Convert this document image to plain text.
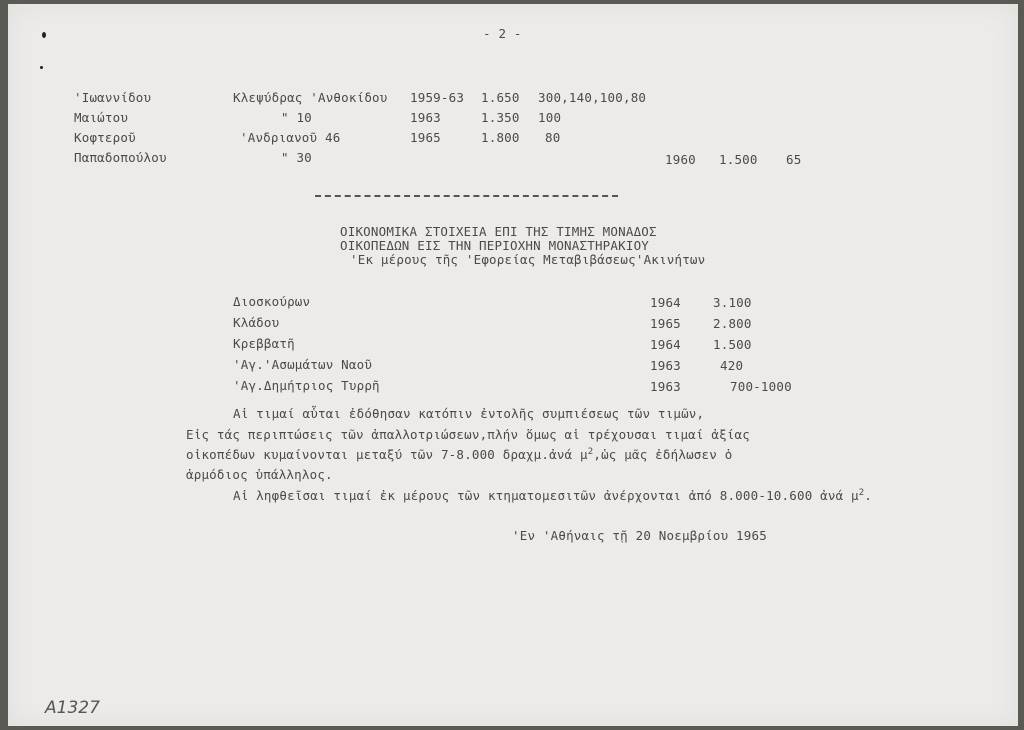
- 2 -
'Ιωαννίδου	Κλεψύδρας 'Ανθοκίδου 1959-63 1.650 300,140,100,80
Μαιώτου	" 10	1963	1.350 100
Κοφτεροῦ	'Ανδριανοῦ 46	1965	1.800 80
Παπαδοπούλου	" 30	1960 1.500 65
ΟΙΚΟΝΟΜΙΚΑ ΣΤΟΙΧΕΙΑ ΕΠΙ ΤΗΣ ΤΙΜΗΣ ΜΟΝΑΔΟΣ
ΟΙΚΟΠΕΔΩΝ ΕΙΣ ΤΗΝ ΠΕΡΙΟΧΗΝ ΜΟΝΑΣΤΗΡΑΚΙΟΥ
'Εκ μέρους τῆς 'Εφορείας Μεταβιβάσεως'Ακινήτων
Διοσκούρων	1964	3.100
Κλάδου	1965	2.800
Κρεββατῆ	1964	1.500
'Αγ.'Ασωμάτων Ναοῦ	1963	420
'Αγ.Δημήτριος Τυρρῆ	1963	700-1000
Αἱ τιμαί αὗται ἐδόθησαν κατόπιν ἐντολῆς συμπιέσεως τῶν τιμῶν,
Εἰς τάς περιπτώσεις τῶν ἀπαλλοτριώσεων,πλήν ὅμως αἱ τρέχουσαι τιμαί ἀξίας
οἰκοπέδων κυμαίνονται μεταξύ τῶν 7-8.000 δραχμ.ἀνά $\mu^2,ὡ\varsigma$ μᾶς ἐδήλωσεν ὁ
ἁρμόδιος ὑπάλληλος.
Αἱ ληφθεῖσαι τιμαί ἐκ μέρους τῶν κτηματομεσιτῶν ἀνέρχονται ἀπό 8.000-10.600 ἀνά $\mu^2$.
'Εν 'Αθήναις τῇ 20 Νοεμβρίου 1965
A1327
